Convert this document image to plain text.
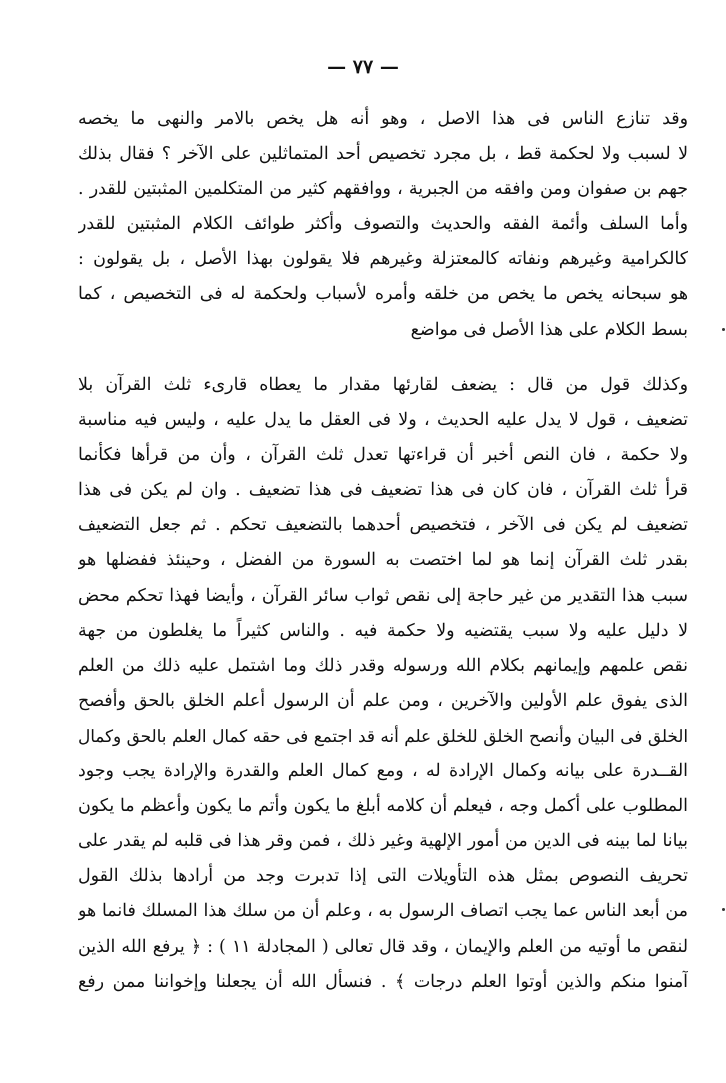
— ٧٧ —
وقد تنازع الناس فى هذا الاصل ، وهو أنه هل يخص بالامر والنهى ما يخصه
لا لسبب ولا لحكمة قط ، بل مجرد تخصيص أحد المتماثلين على الآخر ؟ فقال بذلك
جهم بن صفوان ومن وافقه من الجبرية ، ووافقهم كثير من المتكلمين المثبتين للقدر .
وأما السلف وأئمة الفقه والحديث والتصوف وأكثر طوائف الكلام المثبتين للقدر
كالكرامية وغيرهم ونفاته كالمعتزلة وغيرهم فلا يقولون بهذا الأصل ، بل يقولون :
هو سبحانه يخص ما يخص من خلقه وأمره لأسباب ولحكمة له فى التخصيص ، كما
بسط الكلام على هذا الأصل فى مواضع
وكذلك قول من قال : يضعف لقارئها مقدار ما يعطاه قارىء ثلث القرآن بلا
تضعيف ، قول لا يدل عليه الحديث ، ولا فى العقل ما يدل عليه ، وليس فيه مناسبة
ولا حكمة ، فان النص أخبر أن قراءتها تعدل ثلث القرآن ، وأن من قرأها فكأنما
قرأ ثلث القرآن ، فان كان فى هذا تضعيف فى هذا تضعيف . وان لم يكن فى هذا
تضعيف لم يكن فى الآخر ، فتخصيص أحدهما بالتضعيف تحكم . ثم جعل التضعيف
بقدر ثلث القرآن إنما هو لما اختصت به السورة من الفضل ، وحينئذ ففضلها هو
سبب هذا التقدير من غير حاجة إلى نقص ثواب سائر القرآن ، وأيضا فهذا تحكم محض
لا دليل عليه ولا سبب يقتضيه ولا حكمة فيه . والناس كثيراً ما يغلطون من جهة
نقص علمهم وإيمانهم بكلام الله ورسوله وقدر ذلك وما اشتمل عليه ذلك من العلم
الذى يفوق علم الأولين والآخرين ، ومن علم أن الرسول أعلم الخلق بالحق وأفصح
الخلق فى البيان وأنصح الخلق للخلق علم أنه قد اجتمع فى حقه كمال العلم بالحق وكمال
القــدرة على بيانه وكمال الإرادة له ، ومع كمال العلم والقدرة والإرادة يجب وجود
المطلوب على أكمل وجه ، فيعلم أن كلامه أبلغ ما يكون وأتم ما يكون وأعظم ما يكون
بيانا لما بينه فى الدين من أمور الإلهية وغير ذلك ، فمن وقر هذا فى قلبه لم يقدر على
تحريف النصوص بمثل هذه التأويلات التى إذا تدبرت وجد من أرادها بذلك القول
من أبعد الناس عما يجب اتصاف الرسول به ، وعلم أن من سلك هذا المسلك فانما هو
لنقص ما أوتيه من العلم والإيمان ، وقد قال تعالى ( المجادلة ١١ ) : ﴿ يرفع الله الذين
آمنوا منكم والذين أوتوا العلم درجات ﴾ . فنسأل الله أن يجعلنا وإخواننا ممن رفع
